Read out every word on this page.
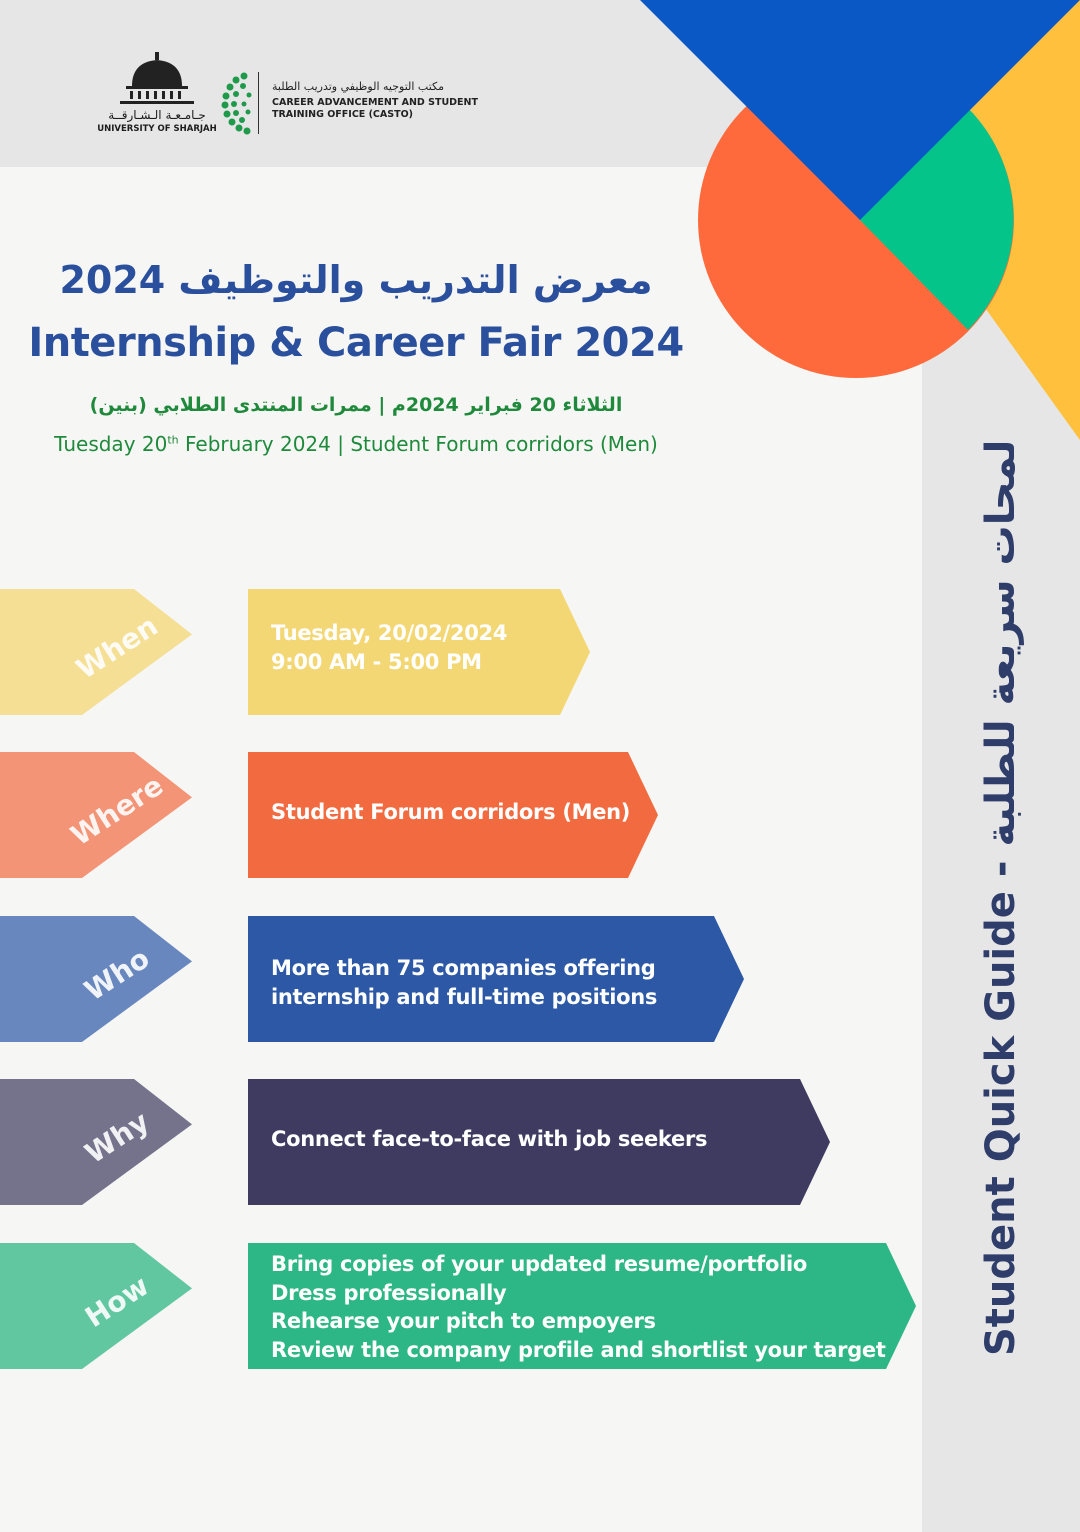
جـامـعـة الـشـارقــة
UNIVERSITY OF SHARJAH
مكتب التوجيه الوظيفي وتدريب الطلبة
CAREER ADVANCEMENT AND STUDENT TRAINING OFFICE (CASTO)
معرض التدريب والتوظيف 2024
Internship & Career Fair 2024
الثلاثاء 20 فبراير 2024م | ممرات المنتدى الطلابي (بنين)
Tuesday 20th February 2024 | Student Forum corridors (Men)
Student Quick Guide - لمحات سريعة للطلبة
When	Tuesday, 20/02/2024
9:00 AM - 5:00 PM
Where	Student Forum corridors (Men)
Who	More than 75 companies offering
internship and full-time positions
Why	Connect face-to-face with job seekers
How
Bring copies of your updated resume/portfolio
Dress professionally
Rehearse your pitch to empoyers
Review the company profile and shortlist your target
